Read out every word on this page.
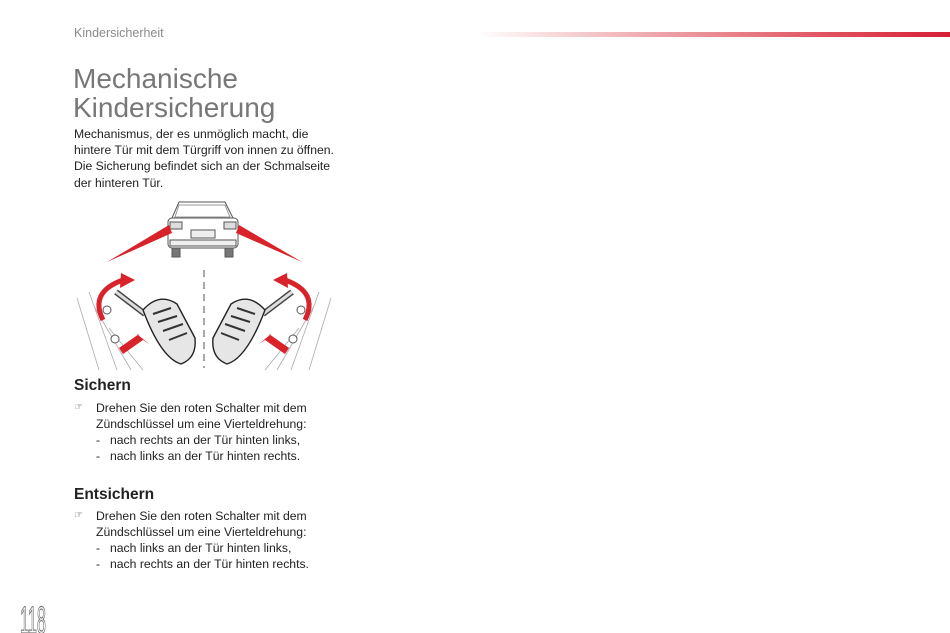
Kindersicherheit
Mechanische
Kindersicherung

Mechanismus, der es unmöglich macht, die hintere Tür mit dem Türgriff von innen zu öffnen. Die Sicherung befindet sich an der Schmalseite der hinteren Tür.

Sichern
☞ Drehen Sie den roten Schalter mit dem Zündschlüssel um eine Vierteldrehung:
- nach rechts an der Tür hinten links,
- nach links an der Tür hinten rechts.
Entsichern
☞ Drehen Sie den roten Schalter mit dem Zündschlüssel um eine Vierteldrehung:
- nach links an der Tür hinten links,
- nach rechts an der Tür hinten rechts.
118
